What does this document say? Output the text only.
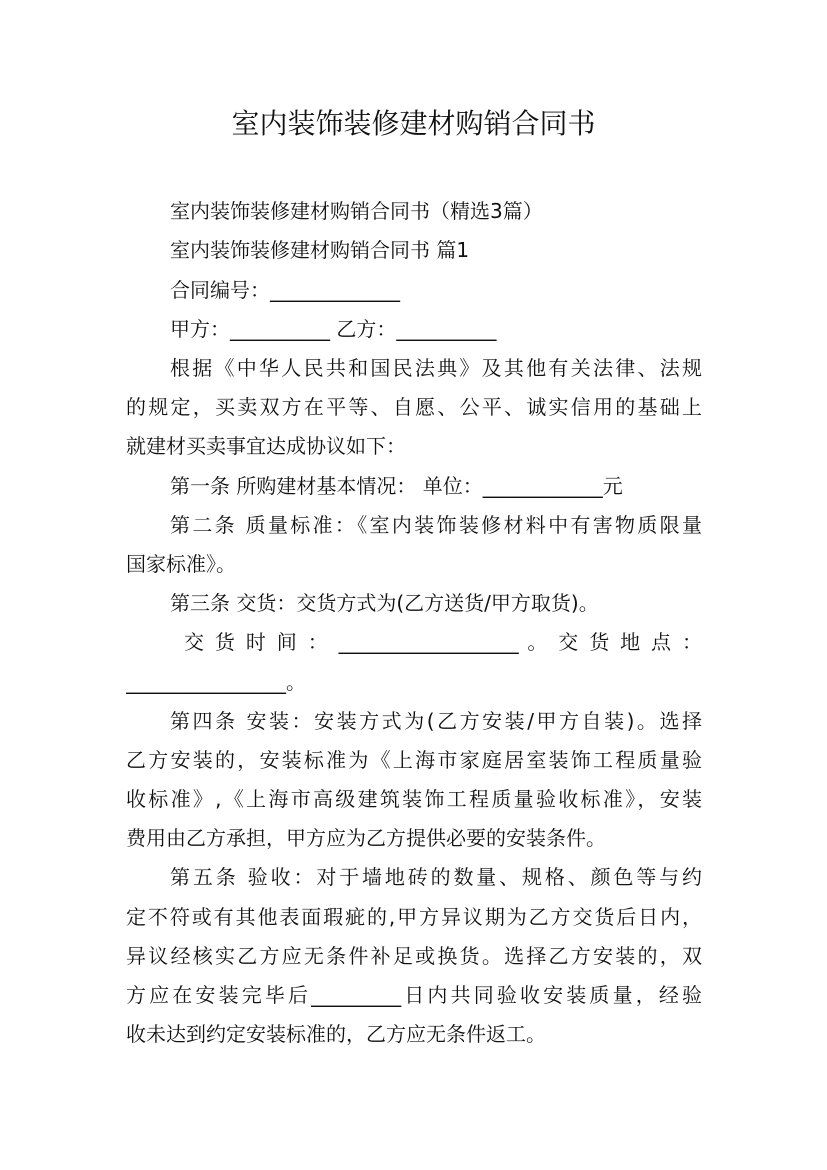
室内装饰装修建材购销合同书
室内装饰装修建材购销合同书（精选3篇）
室内装饰装修建材购销合同书 篇1
合同编号：_____________
甲方：__________ 乙方：__________
根据《中华人民共和国民法典》及其他有关法律、法规
的规定，买卖双方在平等、自愿、公平、诚实信用的基础上
就建材买卖事宜达成协议如下：
第一条 所购建材基本情况： 单位：____________元
第二条 质量标准：《室内装饰装修材料中有害物质限量
国家标准》。
第三条 交货：交货方式为(乙方送货/甲方取货)。
交 货 时 间 ： __________________ 。 交 货 地 点 ：
________________。
第四条 安装：安装方式为(乙方安装/甲方自装)。选择
乙方安装的，安装标准为《上海市家庭居室装饰工程质量验
收标准》,《上海市高级建筑装饰工程质量验收标准》，安装
费用由乙方承担，甲方应为乙方提供必要的安装条件。
第五条 验收：对于墙地砖的数量、规格、颜色等与约
定不符或有其他表面瑕疵的,甲方异议期为乙方交货后日内，
异议经核实乙方应无条件补足或换货。选择乙方安装的，双
方应在安装完毕后_________日内共同验收安装质量，经验
收未达到约定安装标准的，乙方应无条件返工。
